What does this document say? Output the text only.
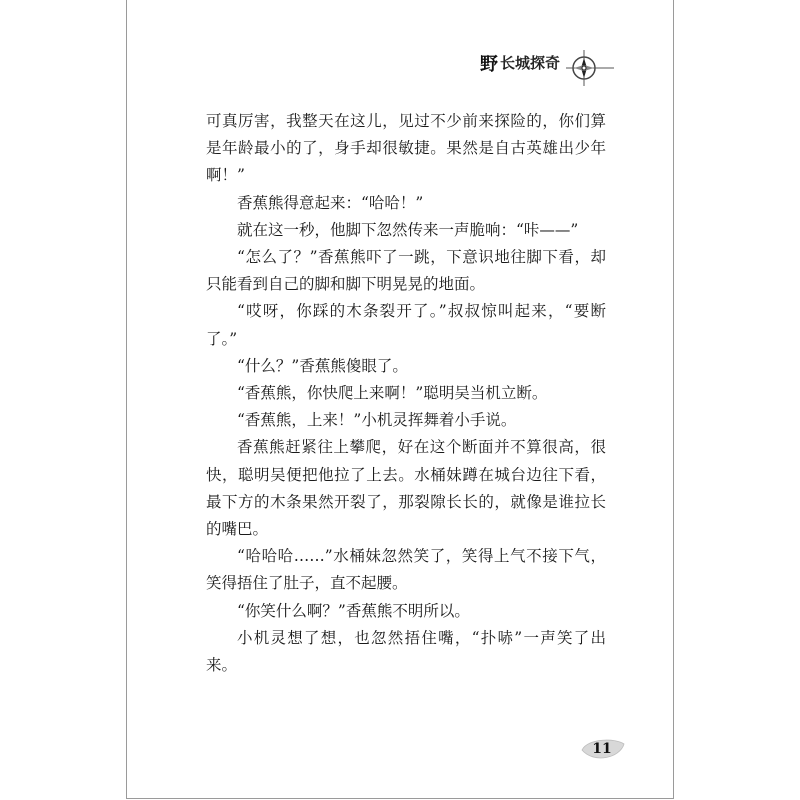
野 长城探奇

可真厉害，我整天在这儿，见过不少前来探险的，你们算是年龄最小的了，身手却很敏捷。果然是自古英雄出少年啊！”

香蕉熊得意起来：“哈哈！”

就在这一秒，他脚下忽然传来一声脆响：“咔——”

“怎么了？”香蕉熊吓了一跳，下意识地往脚下看，却只能看到自己的脚和脚下明晃晃的地面。

“哎呀，你踩的木条裂开了。”叔叔惊叫起来，“要断了。”

“什么？”香蕉熊傻眼了。

“香蕉熊，你快爬上来啊！”聪明吴当机立断。

“香蕉熊，上来！”小机灵挥舞着小手说。

香蕉熊赶紧往上攀爬，好在这个断面并不算很高，很快，聪明吴便把他拉了上去。水桶妹蹲在城台边往下看，最下方的木条果然开裂了，那裂隙长长的，就像是谁拉长的嘴巴。

“哈哈哈……”水桶妹忽然笑了，笑得上气不接下气，笑得捂住了肚子，直不起腰。

“你笑什么啊？”香蕉熊不明所以。

小机灵想了想，也忽然捂住嘴，“扑哧”一声笑了出来。

11
